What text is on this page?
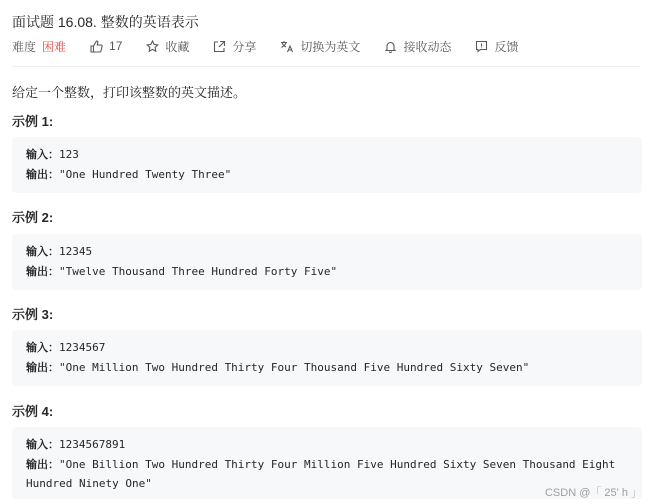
面试题 16.08. 整数的英语表示
难度 困难	17	收藏	分享	切换为英文	接收动态	反馈
给定一个整数，打印该整数的英文描述。
示例 1:
输入：123
输出："One Hundred Twenty Three"
示例 2:
输入：12345
输出："Twelve Thousand Three Hundred Forty Five"
示例 3:
输入：1234567
输出："One Million Two Hundred Thirty Four Thousand Five Hundred Sixty Seven"
示例 4:
输入：1234567891
输出："One Billion Two Hundred Thirty Four Million Five Hundred Sixty Seven Thousand Eight
Hundred Ninety One"
CSDN @「 25' h 」
